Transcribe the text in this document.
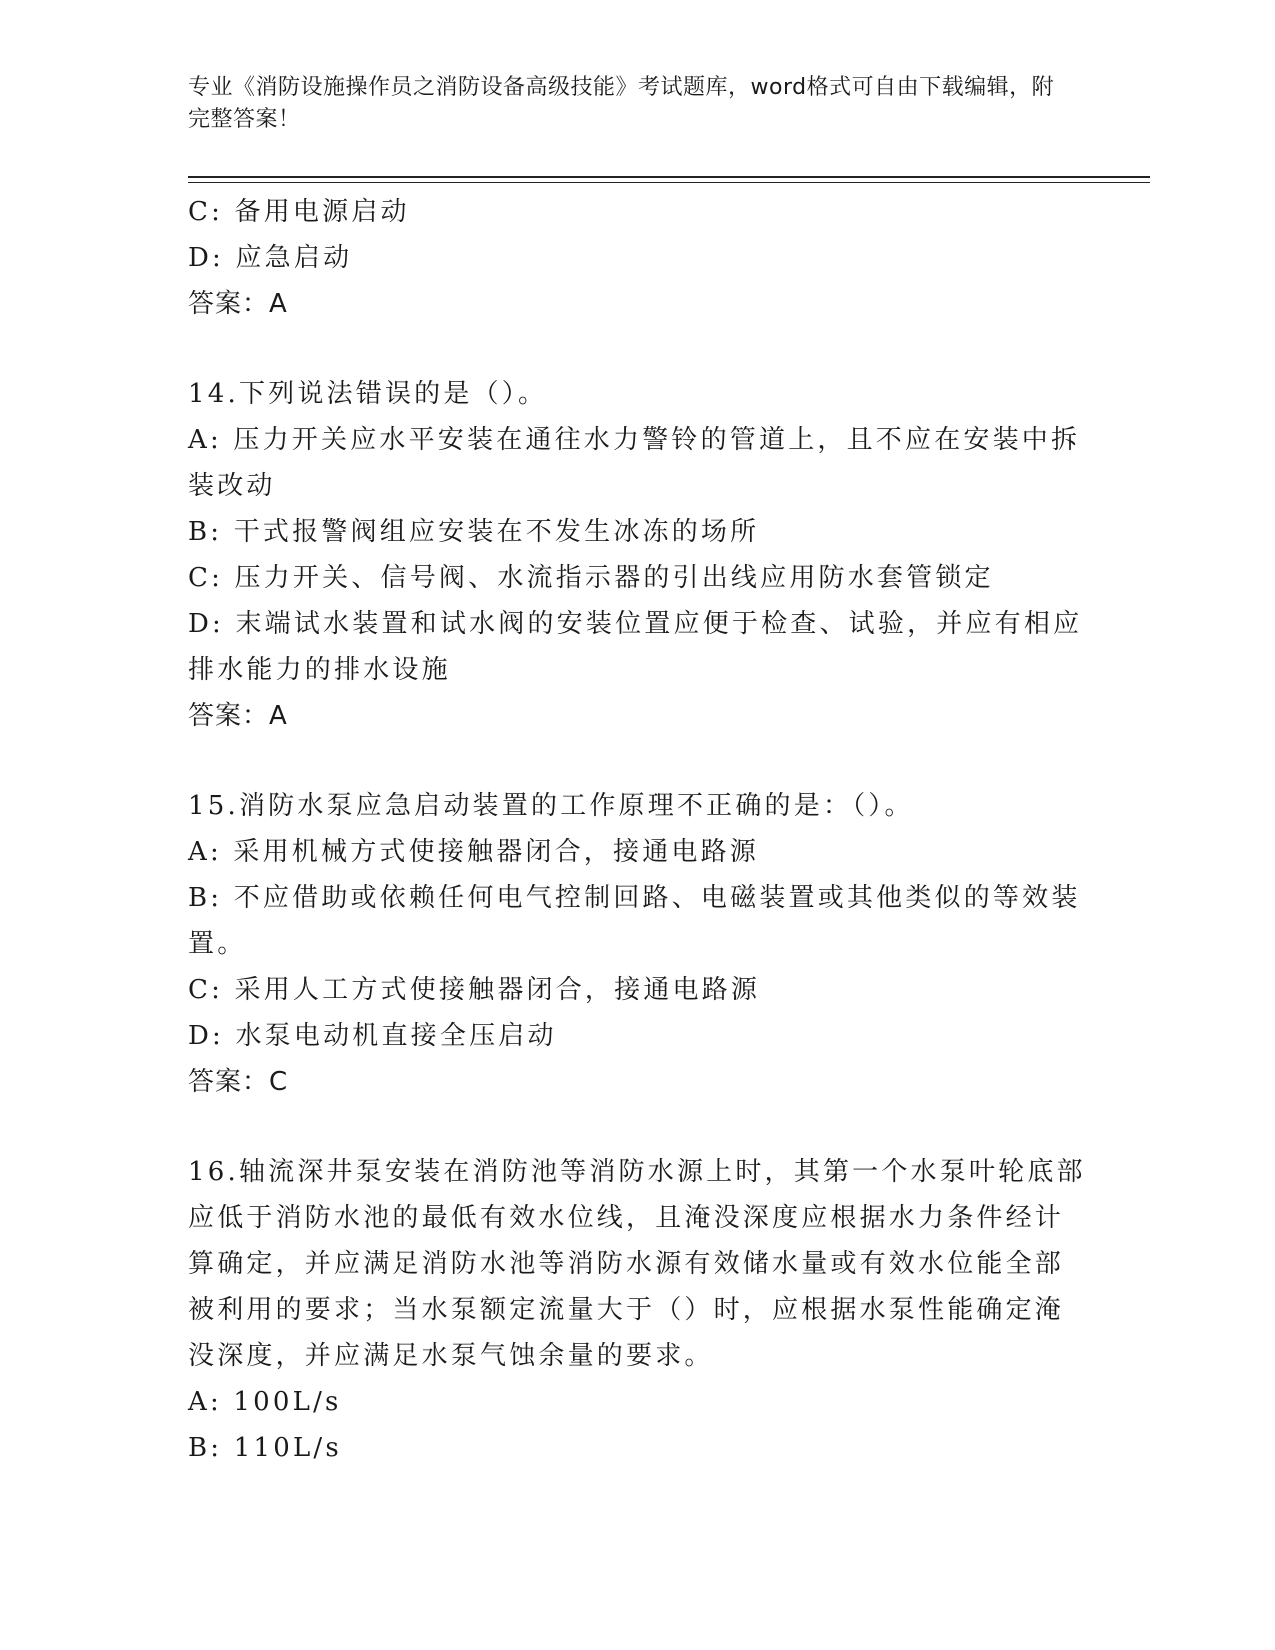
专业《消防设施操作员之消防设备高级技能》考试题库，word格式可自由下载编辑，附完整答案！
C: 备用电源启动
D: 应急启动
答案：A
14.下列说法错误的是（）。
A: 压力开关应水平安装在通往水力警铃的管道上，且不应在安装中拆装改动
B: 干式报警阀组应安装在不发生冰冻的场所
C: 压力开关、信号阀、水流指示器的引出线应用防水套管锁定
D: 末端试水装置和试水阀的安装位置应便于检查、试验，并应有相应排水能力的排水设施
答案：A
15.消防水泵应急启动装置的工作原理不正确的是：（）。
A: 采用机械方式使接触器闭合，接通电路源
B: 不应借助或依赖任何电气控制回路、电磁装置或其他类似的等效装置。
C: 采用人工方式使接触器闭合，接通电路源
D: 水泵电动机直接全压启动
答案：C
16.轴流深井泵安装在消防池等消防水源上时，其第一个水泵叶轮底部应低于消防水池的最低有效水位线，且淹没深度应根据水力条件经计算确定，并应满足消防水池等消防水源有效储水量或有效水位能全部被利用的要求；当水泵额定流量大于（）时，应根据水泵性能确定淹没深度，并应满足水泵气蚀余量的要求。
A: 100L/s
B: 110L/s
